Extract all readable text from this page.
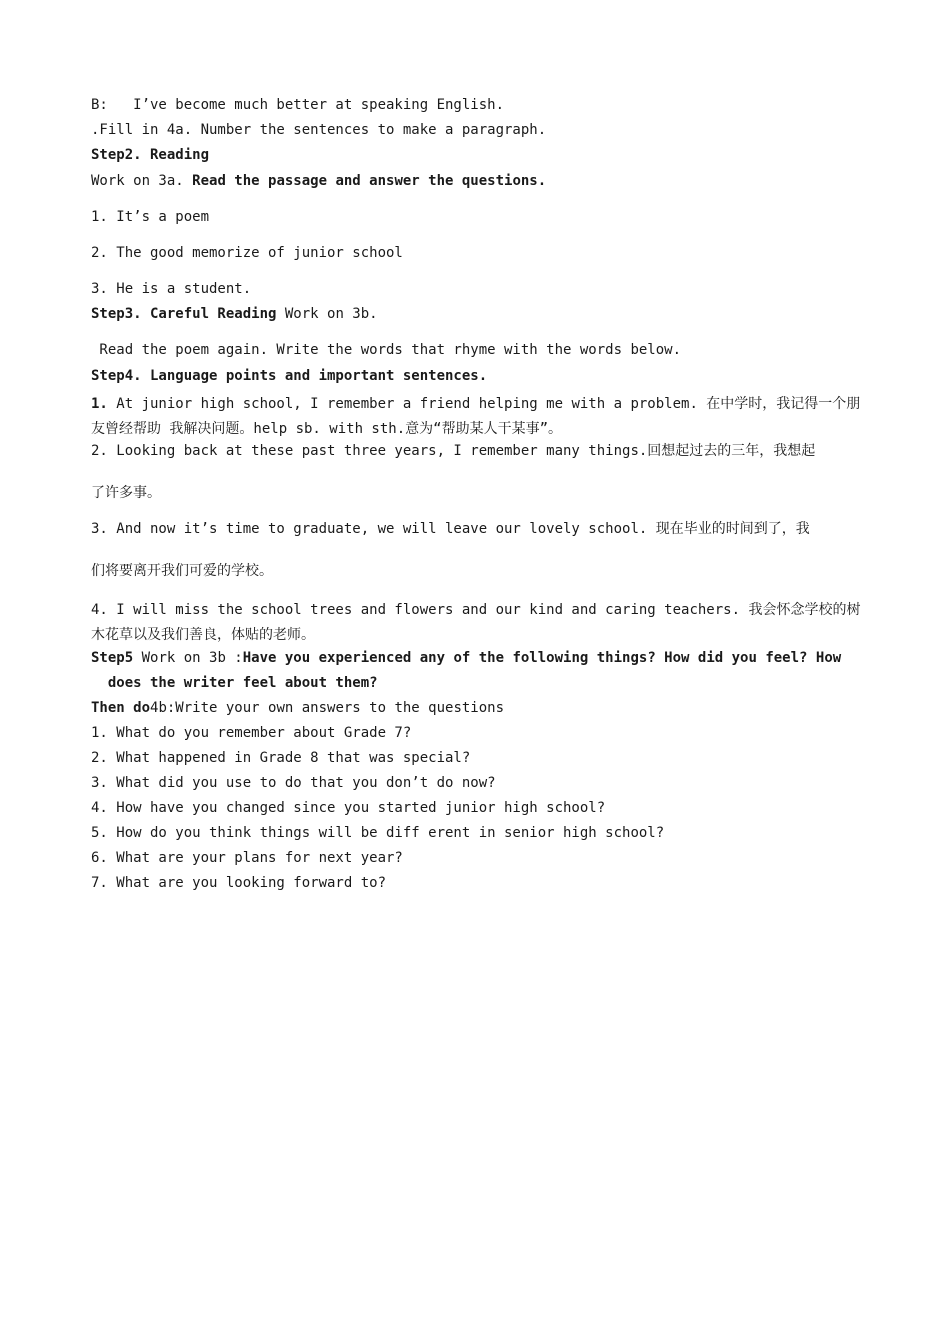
B:   I’ve become much better at speaking English.
.Fill in 4a. Number the sentences to make a paragraph.
Step2. Reading
Work on 3a. Read the passage and answer the questions.
1. It’s a poem
2. The good memorize of junior school
3. He is a student.
Step3. Careful Reading Work on 3b.
Read the poem again. Write the words that rhyme with the words below.
Step4. Language points and important sentences.
1. At junior high school, I remember a friend helping me with a problem. 在中学时，我记得一个朋友曾经帮助 我解决问题。help sb. with sth.意为“帮助某人干某事”。
2. Looking back at these past three years, I remember many things.回想起过去的三年，我想起
了许多事。
3. And now it’s time to graduate, we will leave our lovely school. 现在毕业的时间到了，我
们将要离开我们可爱的学校。
4. I will miss the school trees and flowers and our kind and caring teachers. 我会怀念学校的树木花草以及我们善良，体贴的老师。
Step5 Work on 3b :Have you experienced any of the following things? How did you feel? How
does the writer feel about them?
Then do4b:Write your own answers to the questions
1. What do you remember about Grade 7?
2. What happened in Grade 8 that was special?
3. What did you use to do that you don’t do now?
4. How have you changed since you started junior high school?
5. How do you think things will be diff erent in senior high school?
6. What are your plans for next year?
7. What are you looking forward to?
